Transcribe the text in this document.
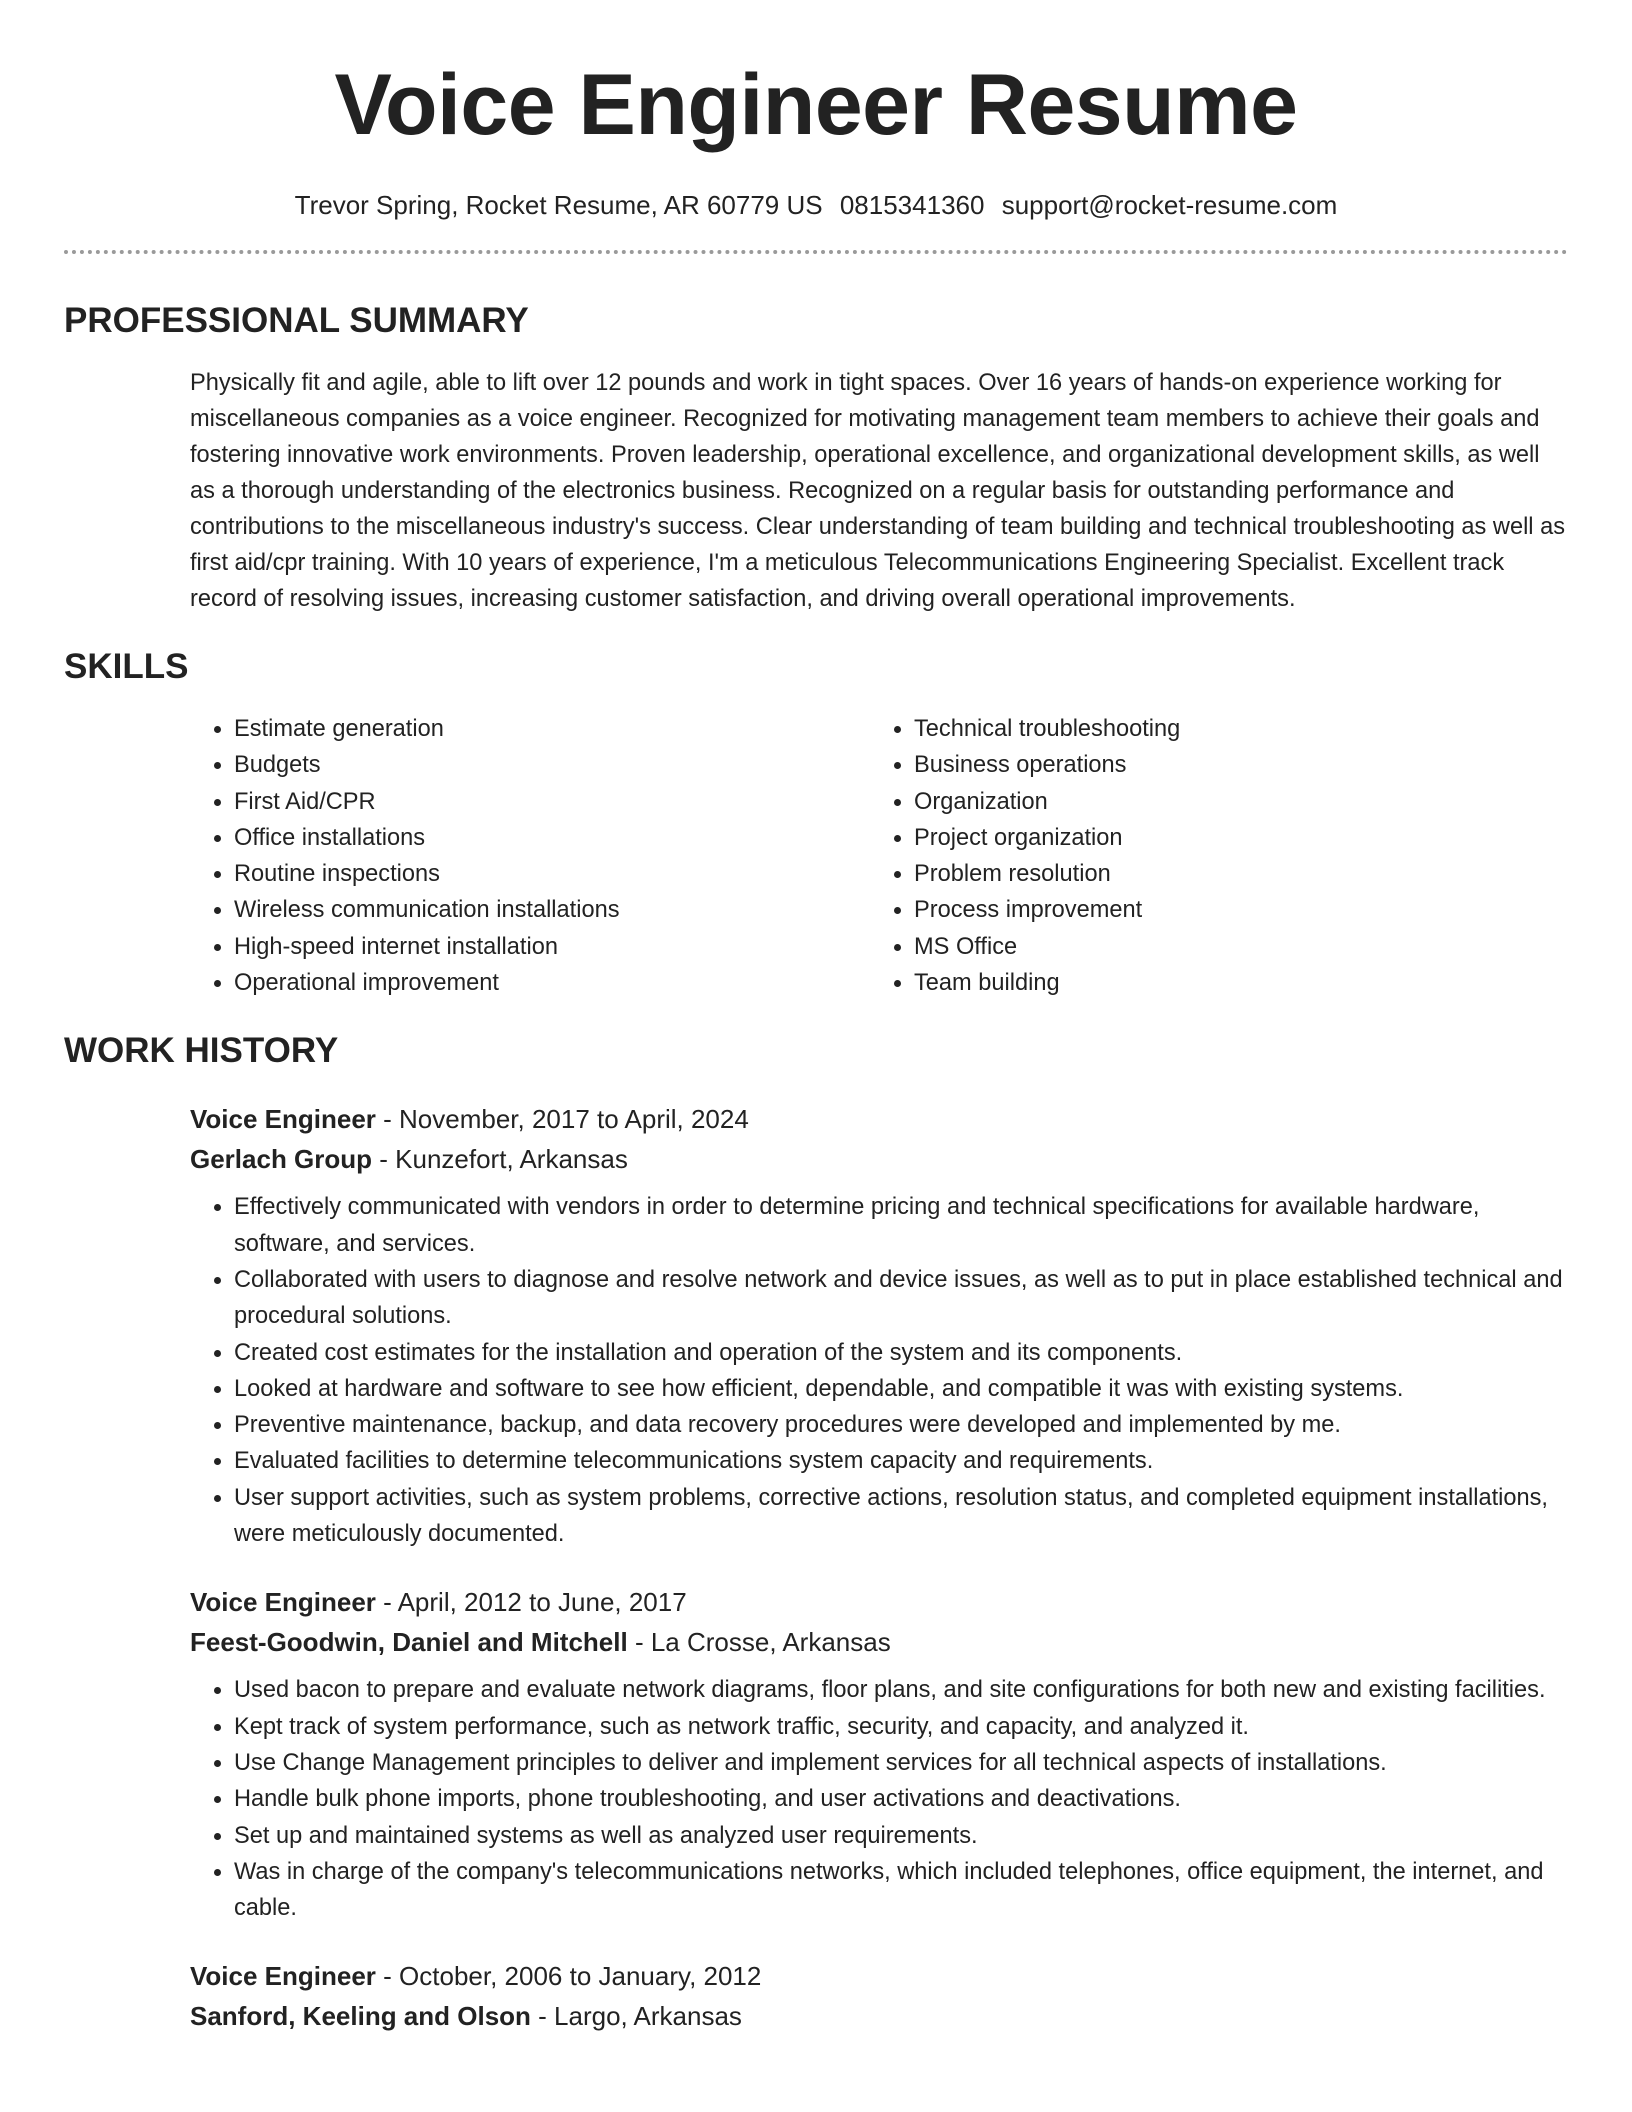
Voice Engineer Resume
Trevor Spring, Rocket Resume, AR 60779 US 0815341360 support@rocket-resume.com
PROFESSIONAL SUMMARY

Physically fit and agile, able to lift over 12 pounds and work in tight spaces. Over 16 years of hands-on experience working for miscellaneous companies as a voice engineer. Recognized for motivating management team members to achieve their goals and fostering innovative work environments. Proven leadership, operational excellence, and organizational development skills, as well as a thorough understanding of the electronics business. Recognized on a regular basis for outstanding performance and contributions to the miscellaneous industry's success. Clear understanding of team building and technical troubleshooting as well as first aid/cpr training. With 10 years of experience, I'm a meticulous Telecommunications Engineering Specialist. Excellent track record of resolving issues, increasing customer satisfaction, and driving overall operational improvements.

SKILLS
• Estimate generation
• Budgets
• First Aid/CPR
• Office installations
• Routine inspections
• Wireless communication installations
• High-speed internet installation
• Operational improvement
• Technical troubleshooting
• Business operations
• Organization
• Project organization
• Problem resolution
• Process improvement
• MS Office
• Team building
WORK HISTORY
Voice Engineer - November, 2017 to April, 2024
Gerlach Group - Kunzefort, Arkansas
• Effectively communicated with vendors in order to determine pricing and technical specifications for available hardware, software, and services.
• Collaborated with users to diagnose and resolve network and device issues, as well as to put in place established technical and procedural solutions.
• Created cost estimates for the installation and operation of the system and its components.
• Looked at hardware and software to see how efficient, dependable, and compatible it was with existing systems.
• Preventive maintenance, backup, and data recovery procedures were developed and implemented by me.
• Evaluated facilities to determine telecommunications system capacity and requirements.
• User support activities, such as system problems, corrective actions, resolution status, and completed equipment installations, were meticulously documented.
Voice Engineer - April, 2012 to June, 2017
Feest-Goodwin, Daniel and Mitchell - La Crosse, Arkansas
• Used bacon to prepare and evaluate network diagrams, floor plans, and site configurations for both new and existing facilities.
• Kept track of system performance, such as network traffic, security, and capacity, and analyzed it.
• Use Change Management principles to deliver and implement services for all technical aspects of installations.
• Handle bulk phone imports, phone troubleshooting, and user activations and deactivations.
• Set up and maintained systems as well as analyzed user requirements.
• Was in charge of the company's telecommunications networks, which included telephones, office equipment, the internet, and cable.
Voice Engineer - October, 2006 to January, 2012
Sanford, Keeling and Olson - Largo, Arkansas
